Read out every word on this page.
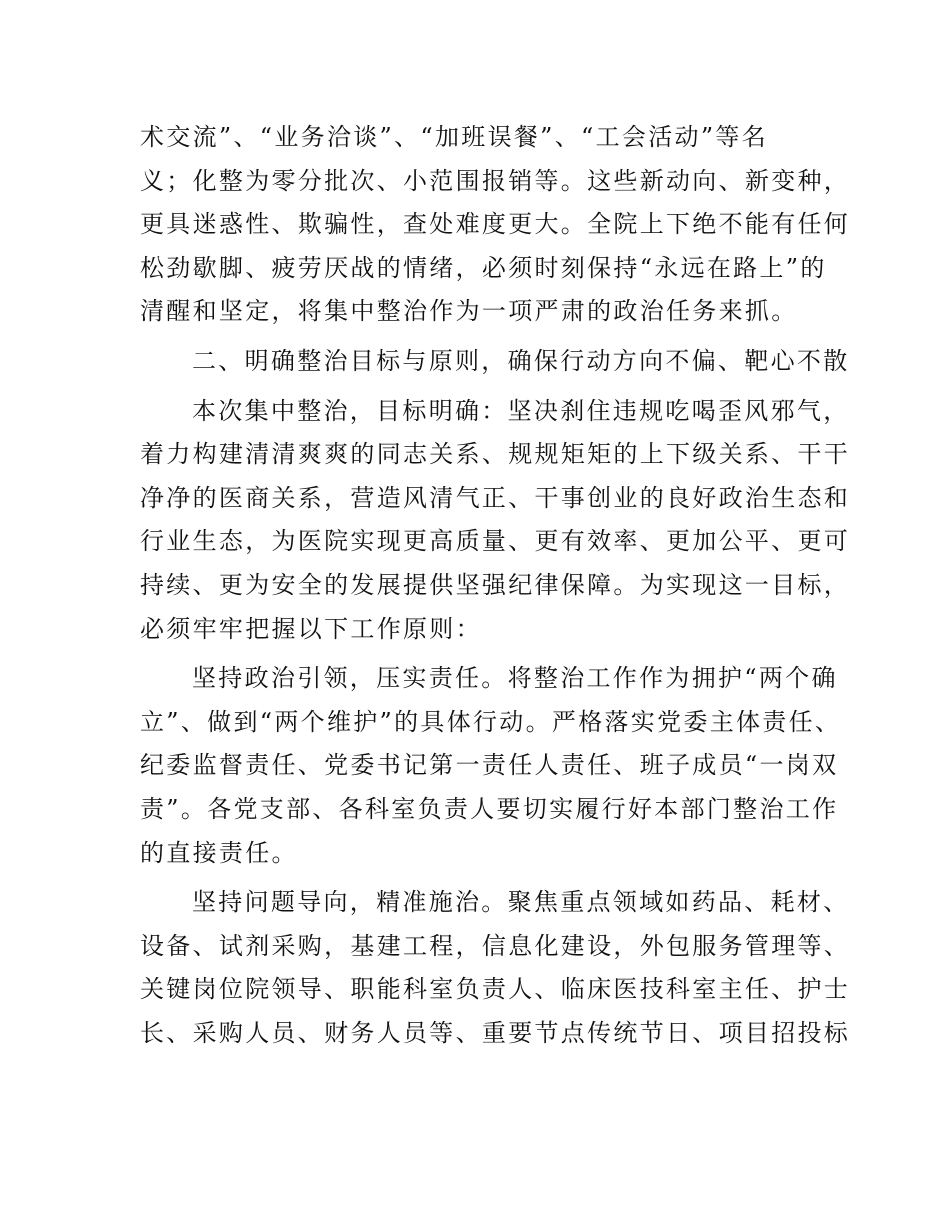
术交流”、“业务洽谈”、“加班误餐”、“工会活动”等名
义；化整为零分批次、小范围报销等。这些新动向、新变种，
更具迷惑性、欺骗性，查处难度更大。全院上下绝不能有任何
松劲歇脚、疲劳厌战的情绪，必须时刻保持“永远在路上”的
清醒和坚定，将集中整治作为一项严肃的政治任务来抓。
二、明确整治目标与原则，确保行动方向不偏、靶心不散
本次集中整治，目标明确：坚决刹住违规吃喝歪风邪气，
着力构建清清爽爽的同志关系、规规矩矩的上下级关系、干干
净净的医商关系，营造风清气正、干事创业的良好政治生态和
行业生态，为医院实现更高质量、更有效率、更加公平、更可
持续、更为安全的发展提供坚强纪律保障。为实现这一目标，
必须牢牢把握以下工作原则：
坚持政治引领，压实责任。将整治工作作为拥护“两个确
立”、做到“两个维护”的具体行动。严格落实党委主体责任、
纪委监督责任、党委书记第一责任人责任、班子成员“一岗双
责”。各党支部、各科室负责人要切实履行好本部门整治工作
的直接责任。
坚持问题导向，精准施治。聚焦重点领域如药品、耗材、
设备、试剂采购，基建工程，信息化建设，外包服务管理等、
关键岗位院领导、职能科室负责人、临床医技科室主任、护士
长、采购人员、财务人员等、重要节点传统节日、项目招投标
